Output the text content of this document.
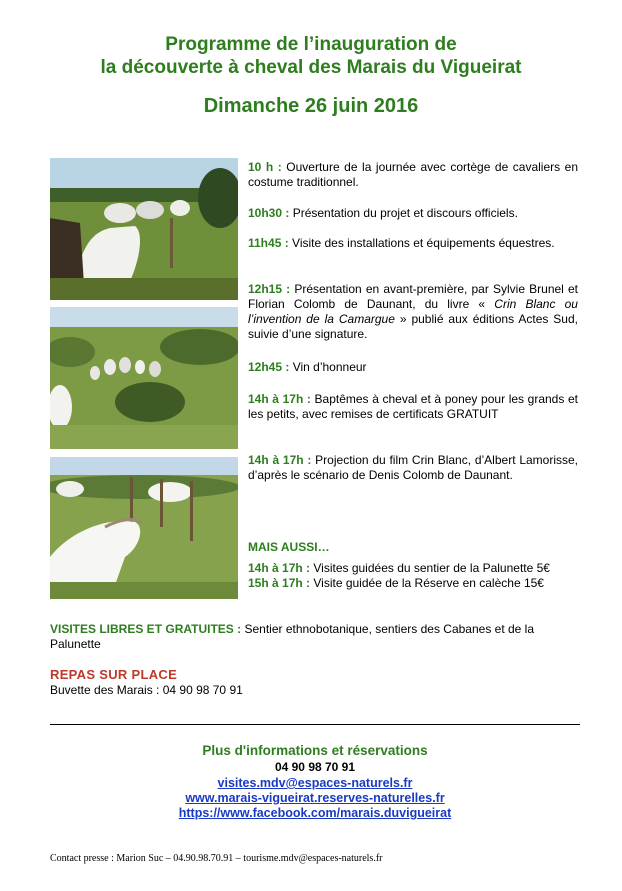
Programme de l’inauguration de
la découverte à cheval des Marais du Vigueirat
Dimanche 26 juin 2016
10 h : Ouverture de la journée avec cortège de cavaliers en costume traditionnel.
10h30 : Présentation du projet et discours officiels.
11h45 : Visite des installations et équipements équestres.
12h15 : Présentation en avant-première, par Sylvie Brunel et Florian Colomb de Daunant, du livre « Crin Blanc ou l’invention de la Camargue » publié aux éditions Actes Sud, suivie d’une signature.
12h45 : Vin d’honneur
14h à 17h : Baptêmes à cheval et à poney pour les grands et les petits, avec remises de certificats GRATUIT
14h à 17h : Projection du film Crin Blanc, d’Albert Lamorisse, d’après le scénario de Denis Colomb de Daunant.
MAIS AUSSI…
14h à 17h : Visites guidées du sentier de la Palunette 5€
15h à 17h : Visite guidée de la Réserve en calèche 15€
VISITES LIBRES ET GRATUITES : Sentier ethnobotanique, sentiers des Cabanes et de la Palunette
REPAS SUR PLACE
Buvette des Marais : 04 90 98 70 91
Plus d'informations et réservations
04 90 98 70 91
visites.mdv@espaces-naturels.fr
www.marais-vigueirat.reserves-naturelles.fr
https://www.facebook.com/marais.duvigueirat
Contact presse : Marion Suc – 04.90.98.70.91 – tourisme.mdv@espaces-naturels.fr
